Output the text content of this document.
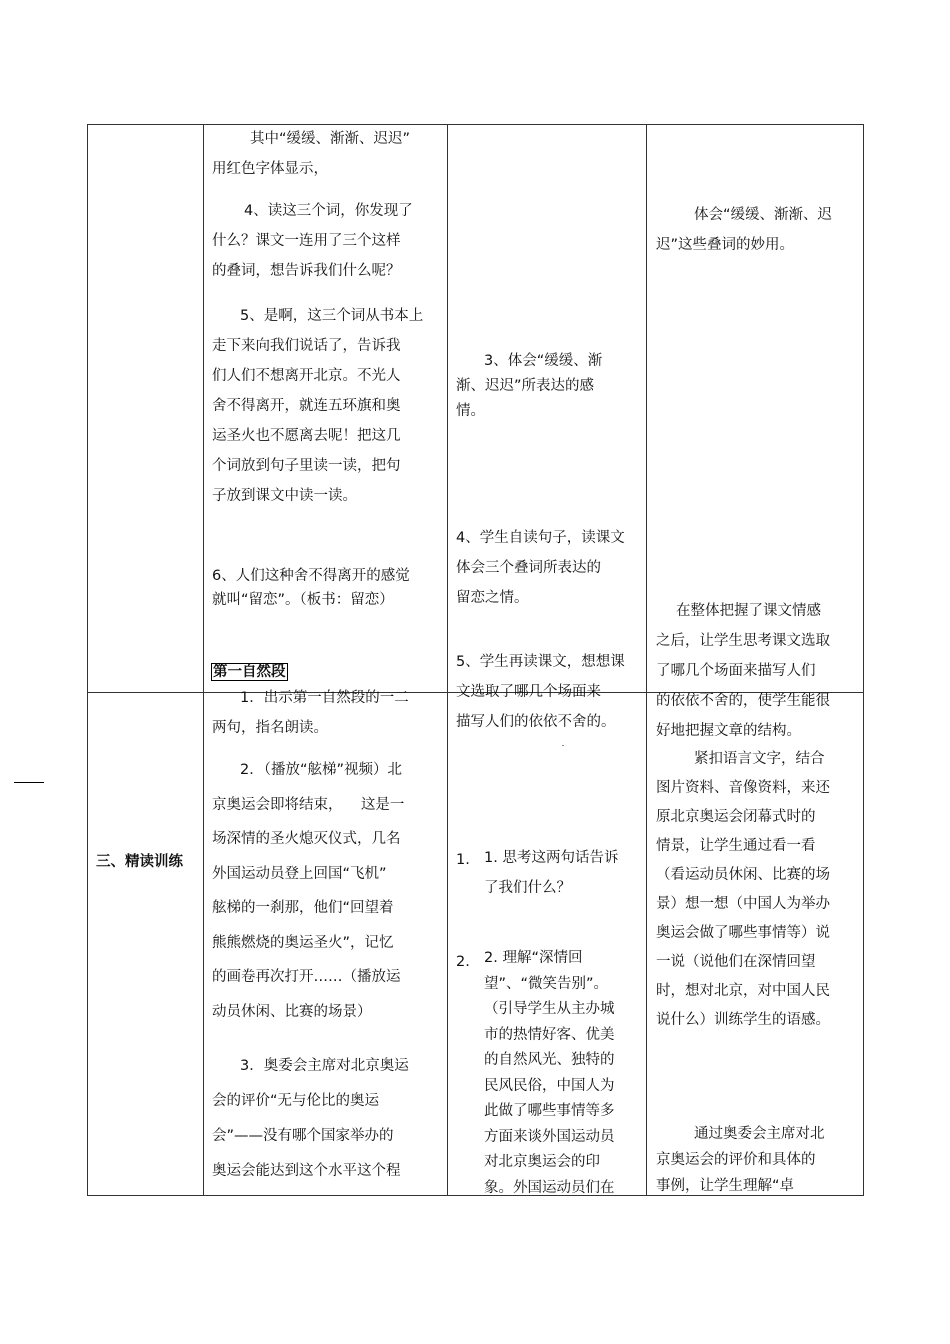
三、精读训练
其中“缓缓、渐渐、迟迟”
用红色字体显示，
4、读这三个词，你发现了
什么？课文一连用了三个这样
的叠词，想告诉我们什么呢？
5、是啊，这三个词从书本上
走下来向我们说话了，告诉我
们人们不想离开北京。不光人
舍不得离开，就连五环旗和奥
运圣火也不愿离去呢！把这几
个词放到句子里读一读，把句
子放到课文中读一读。
6、人们这种舍不得离开的感觉
就叫“留恋”。（板书：留恋）
第一自然段
1．出示第一自然段的一二
两句，指名朗读。
2．（播放“舷梯”视频）北
京奥运会即将结束，    这是一
场深情的圣火熄灭仪式，几名
外国运动员登上回国“飞机”
舷梯的一刹那，他们“回望着
熊熊燃烧的奥运圣火”，记忆
的画卷再次打开……（播放运
动员休闲、比赛的场景）
3．奥委会主席对北京奥运
会的评价“无与伦比的奥运
会”——没有哪个国家举办的
奥运会能达到这个水平这个程
3、体会“缓缓、渐
渐、迟迟”所表达的感
情。
4、学生自读句子，读课文
体会三个叠词所表达的
留恋之情。
5、学生再读课文，想想课
文选取了哪几个场面来
描写人们的依依不舍的。
1. 1. 思考这两句话告诉
了我们什么？
2. 2. 理解“深情回
望”、“微笑告别”。
（引导学生从主办城
市的热情好客、优美
的自然风光、独特的
民风民俗，中国人为
此做了哪些事情等多
方面来谈外国运动员
对北京奥运会的印
象。外国运动员们在
体会“缓缓、渐渐、迟
迟”这些叠词的妙用。
在整体把握了课文情感
之后，让学生思考课文选取
了哪几个场面来描写人们
的依依不舍的，使学生能很
好地把握文章的结构。
紧扣语言文字，结合
图片资料、音像资料，来还
原北京奥运会闭幕式时的
情景，让学生通过看一看
（看运动员休闲、比赛的场
景）想一想（中国人为举办
奥运会做了哪些事情等）说
一说（说他们在深情回望
时，想对北京，对中国人民
说什么）训练学生的语感。
通过奥委会主席对北
京奥运会的评价和具体的
事例，让学生理解“卓
